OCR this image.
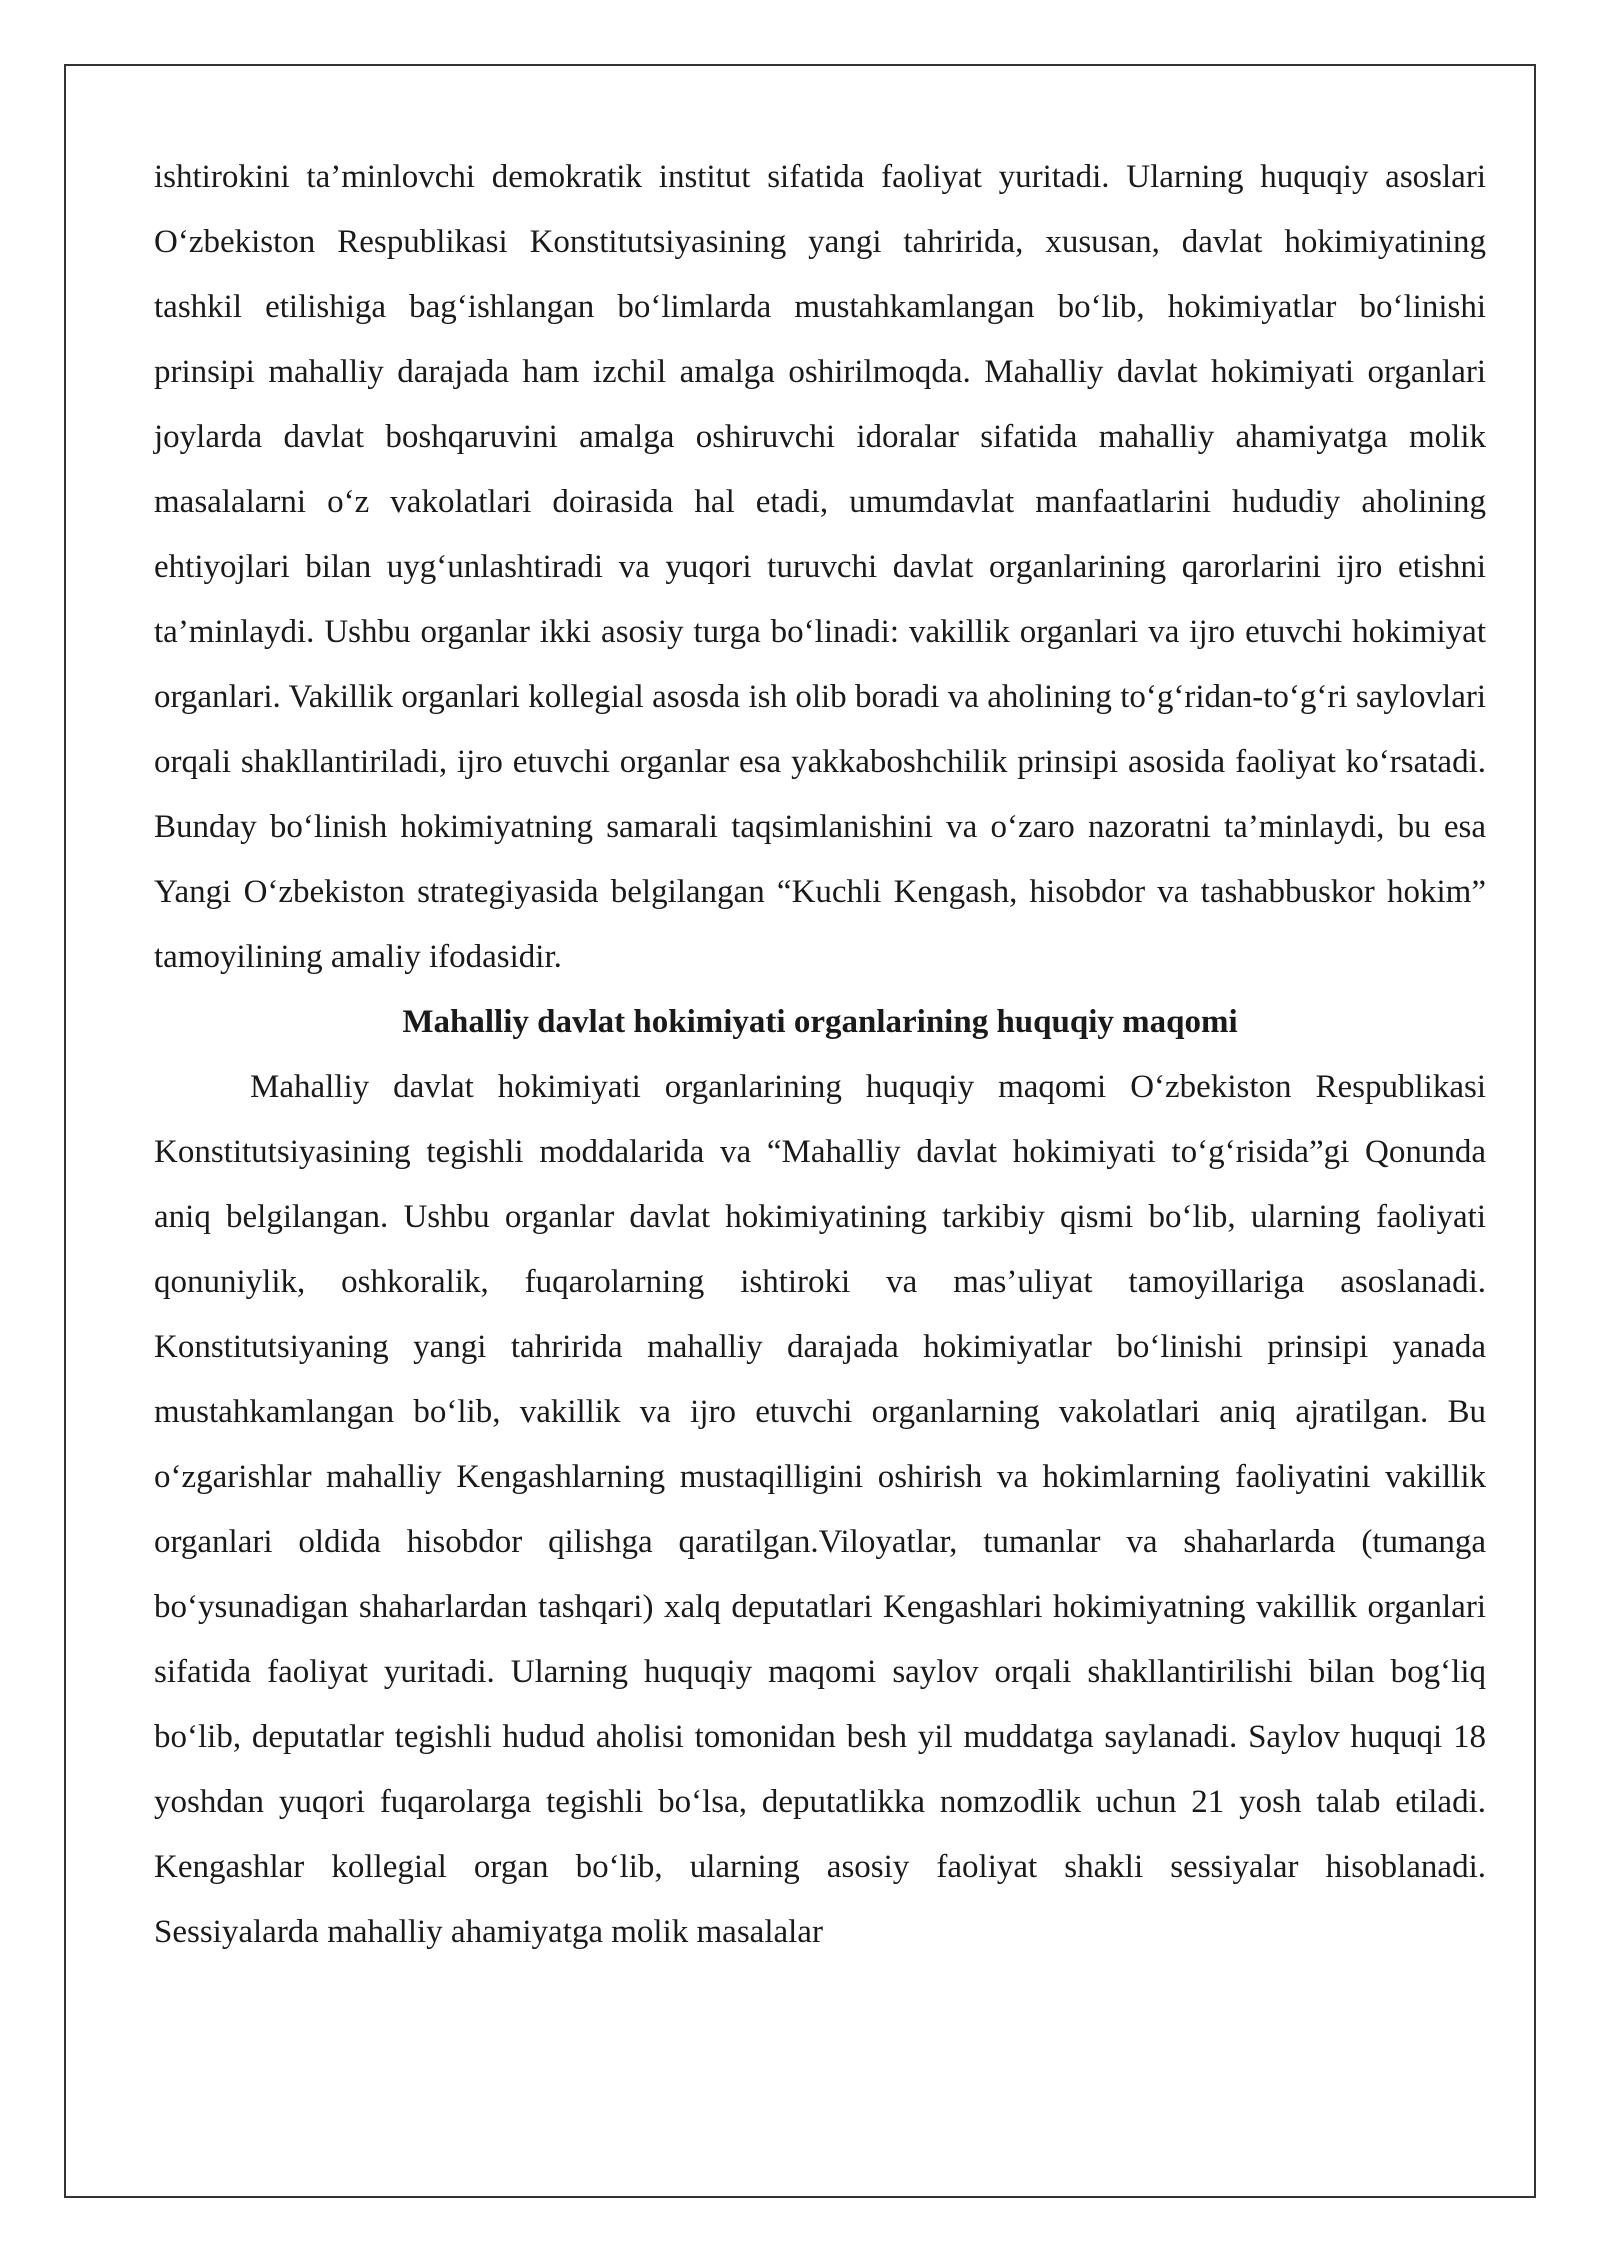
ishtirokini ta’minlovchi demokratik institut sifatida faoliyat yuritadi. Ularning huquqiy asoslari O‘zbekiston Respublikasi Konstitutsiyasining yangi tahririda, xususan, davlat hokimiyatining tashkil etilishiga bag‘ishlangan bo‘limlarda mustahkamlangan bo‘lib, hokimiyatlar bo‘linishi prinsipi mahalliy darajada ham izchil amalga oshirilmoqda. Mahalliy davlat hokimiyati organlari joylarda davlat boshqaruvini amalga oshiruvchi idoralar sifatida mahalliy ahamiyatga molik masalalarni o‘z vakolatlari doirasida hal etadi, umumdavlat manfaatlarini hududiy aholining ehtiyojlari bilan uyg‘unlashtiradi va yuqori turuvchi davlat organlarining qarorlarini ijro etishni ta’minlaydi. Ushbu organlar ikki asosiy turga bo‘linadi: vakillik organlari va ijro etuvchi hokimiyat organlari. Vakillik organlari kollegial asosda ish olib boradi va aholining to‘g‘ridan-to‘g‘ri saylovlari orqali shakllantiriladi, ijro etuvchi organlar esa yakkaboshchilik prinsipi asosida faoliyat ko‘rsatadi. Bunday bo‘linish hokimiyatning samarali taqsimlanishini va o‘zaro nazoratni ta’minlaydi, bu esa Yangi O‘zbekiston strategiyasida belgilangan “Kuchli Kengash, hisobdor va tashabbuskor hokim” tamoyilining amaliy ifodasidir.

Mahalliy davlat hokimiyati organlarining huquqiy maqomi

Mahalliy davlat hokimiyati organlarining huquqiy maqomi O‘zbekiston Respublikasi Konstitutsiyasining tegishli moddalarida va “Mahalliy davlat hokimiyati to‘g‘risida”gi Qonunda aniq belgilangan. Ushbu organlar davlat hokimiyatining tarkibiy qismi bo‘lib, ularning faoliyati qonuniylik, oshkoralik, fuqarolarning ishtiroki va mas’uliyat tamoyillariga asoslanadi. Konstitutsiyaning yangi tahririda mahalliy darajada hokimiyatlar bo‘linishi prinsipi yanada mustahkamlangan bo‘lib, vakillik va ijro etuvchi organlarning vakolatlari aniq ajratilgan. Bu o‘zgarishlar mahalliy Kengashlarning mustaqilligini oshirish va hokimlarning faoliyatini vakillik organlari oldida hisobdor qilishga qaratilgan.Viloyatlar, tumanlar va shaharlarda (tumanga bo‘ysunadigan shaharlardan tashqari) xalq deputatlari Kengashlari hokimiyatning vakillik organlari sifatida faoliyat yuritadi. Ularning huquqiy maqomi saylov orqali shakllantirilishi bilan bog‘liq bo‘lib, deputatlar tegishli hudud aholisi tomonidan besh yil muddatga saylanadi. Saylov huquqi 18 yoshdan yuqori fuqarolarga tegishli bo‘lsa, deputatlikka nomzodlik uchun 21 yosh talab etiladi. Kengashlar kollegial organ bo‘lib, ularning asosiy faoliyat shakli sessiyalar hisoblanadi. Sessiyalarda mahalliy ahamiyatga molik masalalar
